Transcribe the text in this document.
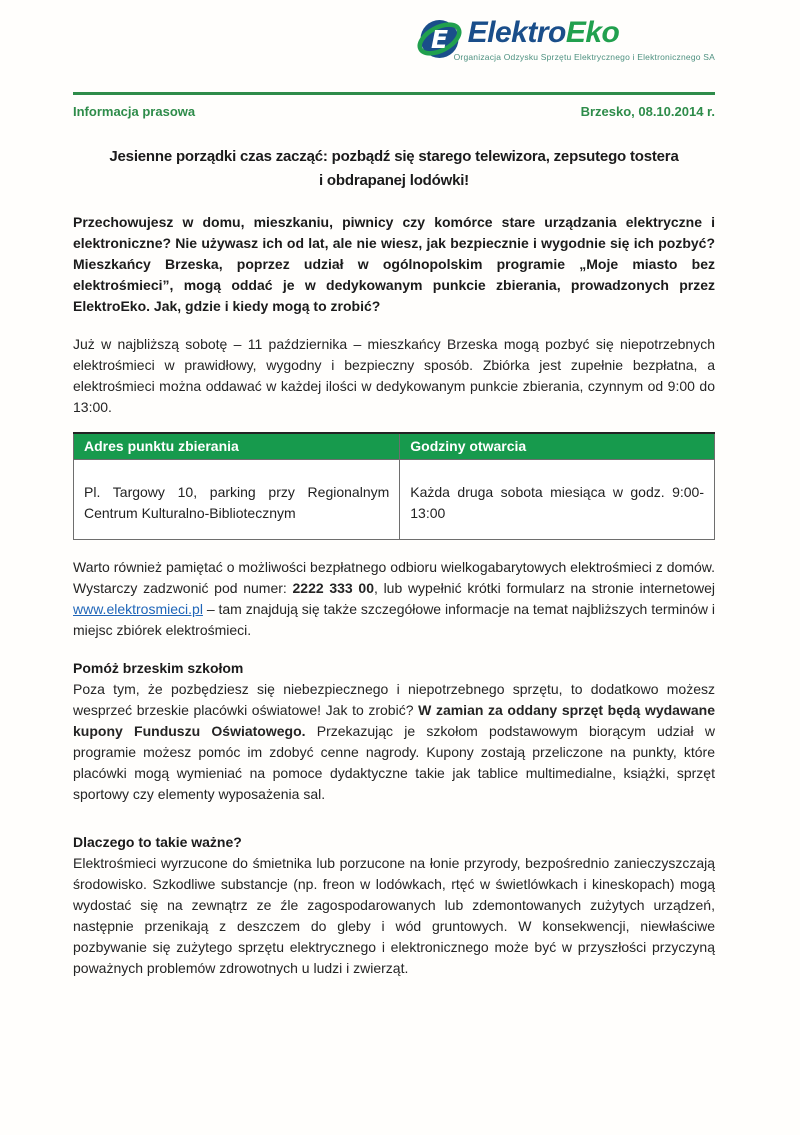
E ElektroEko
Organizacja Odzysku Sprzętu Elektrycznego i Elektronicznego SA
Informacja prasowa	Brzesko, 08.10.2014 r.
Jesienne porządki czas zacząć: pozbądź się starego telewizora, zepsutego tostera
i obdrapanej lodówki!

Przechowujesz w domu, mieszkaniu, piwnicy czy komórce stare urządzania elektryczne i elektroniczne? Nie używasz ich od lat, ale nie wiesz, jak bezpiecznie i wygodnie się ich pozbyć? Mieszkańcy Brzeska, poprzez udział w ogólnopolskim programie „Moje miasto bez elektrośmieci”, mogą oddać je w dedykowanym punkcie zbierania, prowadzonych przez ElektroEko. Jak, gdzie i kiedy mogą to zrobić?

Już w najbliższą sobotę – 11 października – mieszkańcy Brzeska mogą pozbyć się niepotrzebnych elektrośmieci w prawidłowy, wygodny i bezpieczny sposób. Zbiórka jest zupełnie bezpłatna, a elektrośmieci można oddawać w każdej ilości w dedykowanym punkcie zbierania, czynnym od 9:00 do 13:00.

Adres punktu zbierania	Godziny otwarcia
Pl. Targowy 10, parking przy Regionalnym Centrum Kulturalno-Bibliotecznym	Każda druga sobota miesiąca w godz. 9:00-13:00

Warto również pamiętać o możliwości bezpłatnego odbioru wielkogabarytowych elektrośmieci z domów. Wystarczy zadzwonić pod numer: 2222 333 00, lub wypełnić krótki formularz na stronie internetowej www.elektrosmieci.pl – tam znajdują się także szczegółowe informacje na temat najbliższych terminów i miejsc zbiórek elektrośmieci.

Pomóż brzeskim szkołom

Poza tym, że pozbędziesz się niebezpiecznego i niepotrzebnego sprzętu, to dodatkowo możesz wesprzeć brzeskie placówki oświatowe! Jak to zrobić? W zamian za oddany sprzęt będą wydawane kupony Funduszu Oświatowego. Przekazując je szkołom podstawowym biorącym udział w programie możesz pomóc im zdobyć cenne nagrody. Kupony zostają przeliczone na punkty, które placówki mogą wymieniać na pomoce dydaktyczne takie jak tablice multimedialne, książki, sprzęt sportowy czy elementy wyposażenia sal.

Dlaczego to takie ważne?

Elektrośmieci wyrzucone do śmietnika lub porzucone na łonie przyrody, bezpośrednio zanieczyszczają środowisko. Szkodliwe substancje (np. freon w lodówkach, rtęć w świetlówkach i kineskopach) mogą wydostać się na zewnątrz ze źle zagospodarowanych lub zdemontowanych zużytych urządzeń, następnie przenikają z deszczem do gleby i wód gruntowych. W konsekwencji, niewłaściwe pozbywanie się zużytego sprzętu elektrycznego i elektronicznego może być w przyszłości przyczyną poważnych problemów zdrowotnych u ludzi i zwierząt.
